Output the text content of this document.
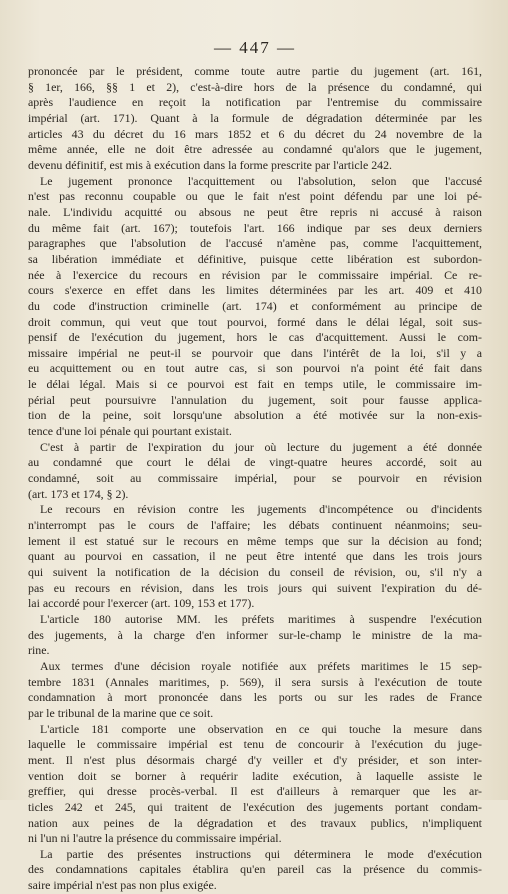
— 447 —

prononcée par le président, comme toute autre partie du jugement (art. 161,
§ 1er, 166, §§ 1 et 2), c'est-à-dire hors de la présence du condamné, qui
après l'audience en reçoit la notification par l'entremise du commissaire
impérial (art. 171). Quant à la formule de dégradation déterminée par les
articles 43 du décret du 16 mars 1852 et 6 du décret du 24 novembre de la
même année, elle ne doit être adressée au condamné qu'alors que le jugement,
devenu définitif, est mis à exécution dans la forme prescrite par l'article 242.

Le jugement prononce l'acquittement ou l'absolution, selon que l'accusé
n'est pas reconnu coupable ou que le fait n'est point défendu par une loi pé-
nale. L'individu acquitté ou absous ne peut être repris ni accusé à raison
du même fait (art. 167); toutefois l'art. 166 indique par ses deux derniers
paragraphes que l'absolution de l'accusé n'amène pas, comme l'acquittement,
sa libération immédiate et définitive, puisque cette libération est subordon-
née à l'exercice du recours en révision par le commissaire impérial. Ce re-
cours s'exerce en effet dans les limites déterminées par les art. 409 et 410
du code d'instruction criminelle (art. 174) et conformément au principe de
droit commun, qui veut que tout pourvoi, formé dans le délai légal, soit sus-
pensif de l'exécution du jugement, hors le cas d'acquittement. Aussi le com-
missaire impérial ne peut-il se pourvoir que dans l'intérêt de la loi, s'il y a
eu acquittement ou en tout autre cas, si son pourvoi n'a point été fait dans
le délai légal. Mais si ce pourvoi est fait en temps utile, le commissaire im-
périal peut poursuivre l'annulation du jugement, soit pour fausse applica-
tion de la peine, soit lorsqu'une absolution a été motivée sur la non-exis-
tence d'une loi pénale qui pourtant existait.

C'est à partir de l'expiration du jour où lecture du jugement a été donnée
au condamné que court le délai de vingt-quatre heures accordé, soit au
condamné, soit au commissaire impérial, pour se pourvoir en révision
(art. 173 et 174, § 2).

Le recours en révision contre les jugements d'incompétence ou d'incidents
n'interrompt pas le cours de l'affaire; les débats continuent néanmoins; seu-
lement il est statué sur le recours en même temps que sur la décision au fond;
quant au pourvoi en cassation, il ne peut être intenté que dans les trois jours
qui suivent la notification de la décision du conseil de révision, ou, s'il n'y a
pas eu recours en révision, dans les trois jours qui suivent l'expiration du dé-
lai accordé pour l'exercer (art. 109, 153 et 177).

L'article 180 autorise MM. les préfets maritimes à suspendre l'exécution
des jugements, à la charge d'en informer sur-le-champ le ministre de la ma-
rine.

Aux termes d'une décision royale notifiée aux préfets maritimes le 15 sep-
tembre 1831 (Annales maritimes, p. 569), il sera sursis à l'exécution de toute
condamnation à mort prononcée dans les ports ou sur les rades de France
par le tribunal de la marine que ce soit.

L'article 181 comporte une observation en ce qui touche la mesure dans
laquelle le commissaire impérial est tenu de concourir à l'exécution du juge-
ment. Il n'est plus désormais chargé d'y veiller et d'y présider, et son inter-
vention doit se borner à requérir ladite exécution, à laquelle assiste le
greffier, qui dresse procès-verbal. Il est d'ailleurs à remarquer que les ar-
ticles 242 et 245, qui traitent de l'exécution des jugements portant condam-
nation aux peines de la dégradation et des travaux publics, n'impliquent
ni l'un ni l'autre la présence du commissaire impérial.

La partie des présentes instructions qui déterminera le mode d'exécution
des condamnations capitales établira qu'en pareil cas la présence du commis-
saire impérial n'est pas non plus exigée.
